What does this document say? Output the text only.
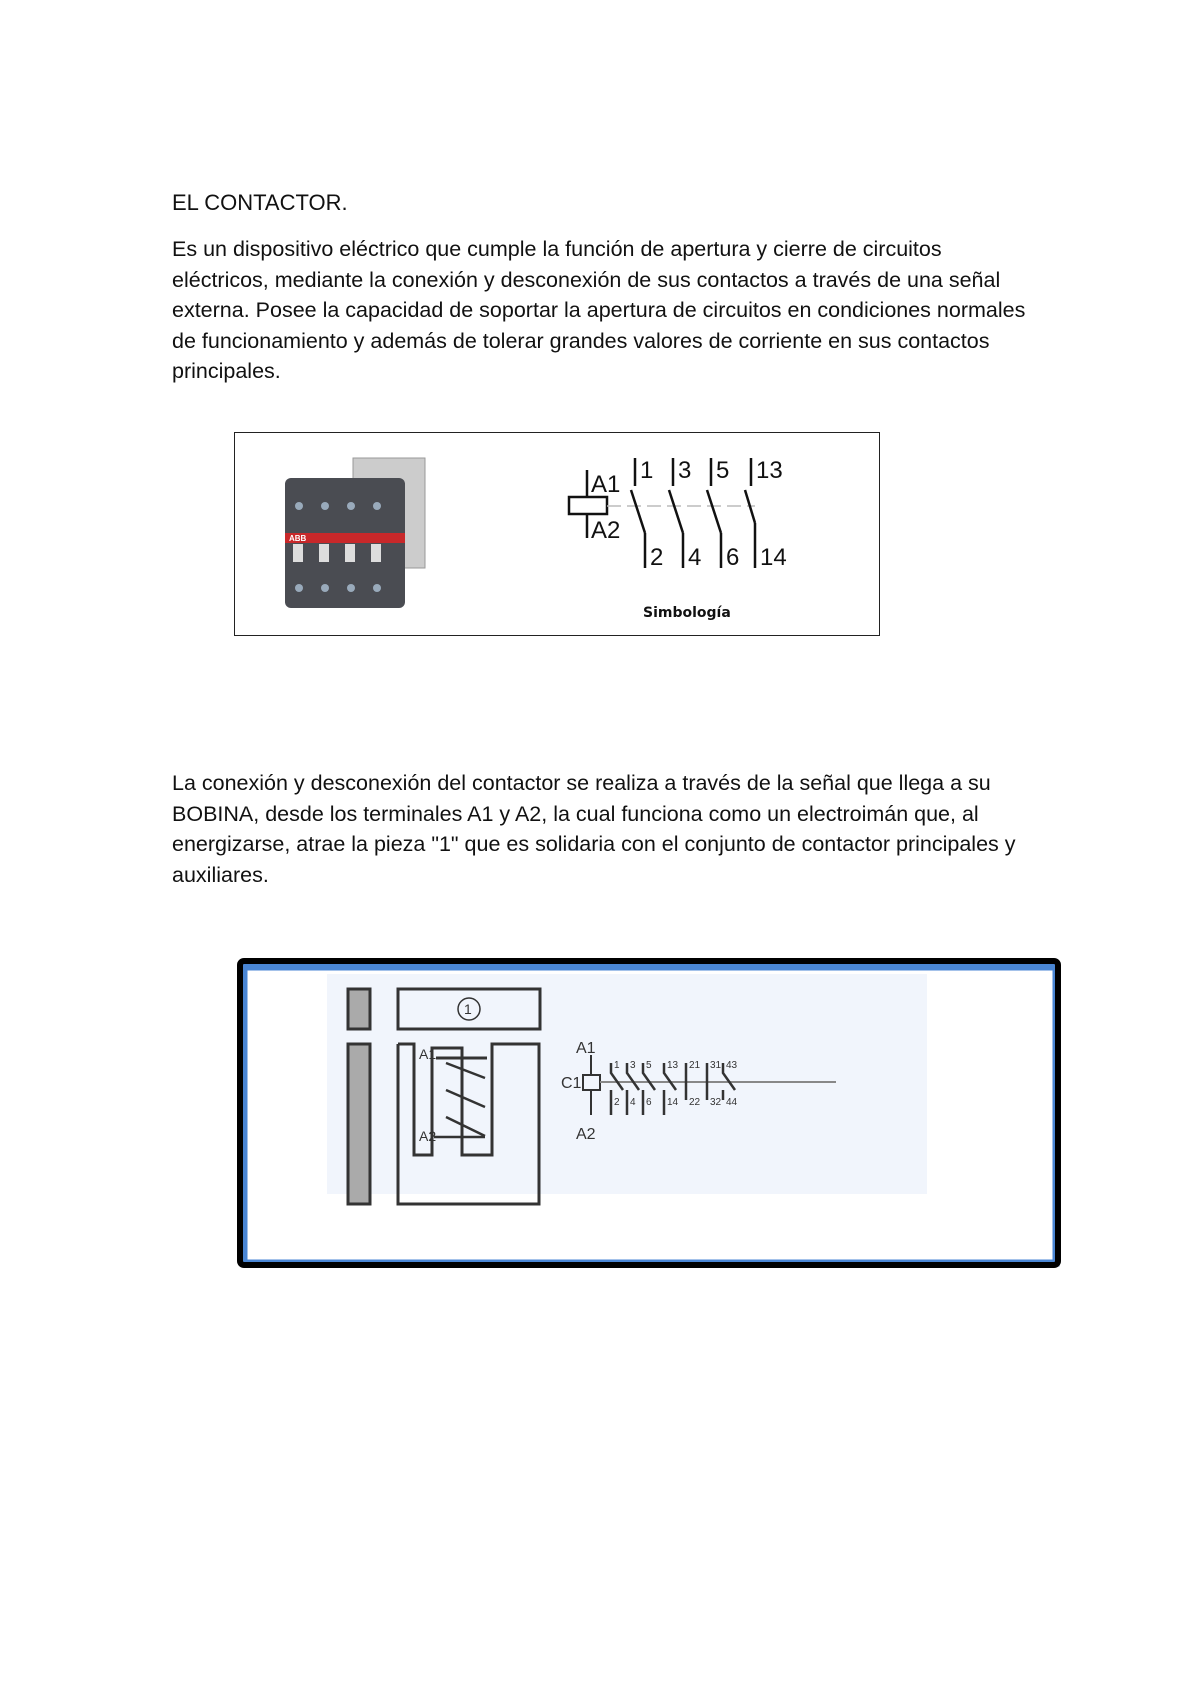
EL CONTACTOR.

Es un dispositivo eléctrico que cumple la función de apertura y cierre de circuitos eléctricos, mediante la conexión y desconexión de sus contactos a través de una señal externa. Posee la capacidad de soportar la apertura de circuitos en condiciones normales de funcionamiento y además de tolerar grandes valores de corriente en sus contactos principales.

ABB
A1
A2
1 3 5 13
2 4 6 14
Simbología

La conexión y desconexión del contactor se realiza a través de la señal que llega a su BOBINA, desde los terminales A1 y A2, la cual funciona como un electroimán que, al energizarse, atrae la pieza "1" que es solidaria con el conjunto de contactor principales y auxiliares.

1
A1
A2
A1
A2
C1
1 3 5 13 21 31 43
2 4 6 14 22 32 44
